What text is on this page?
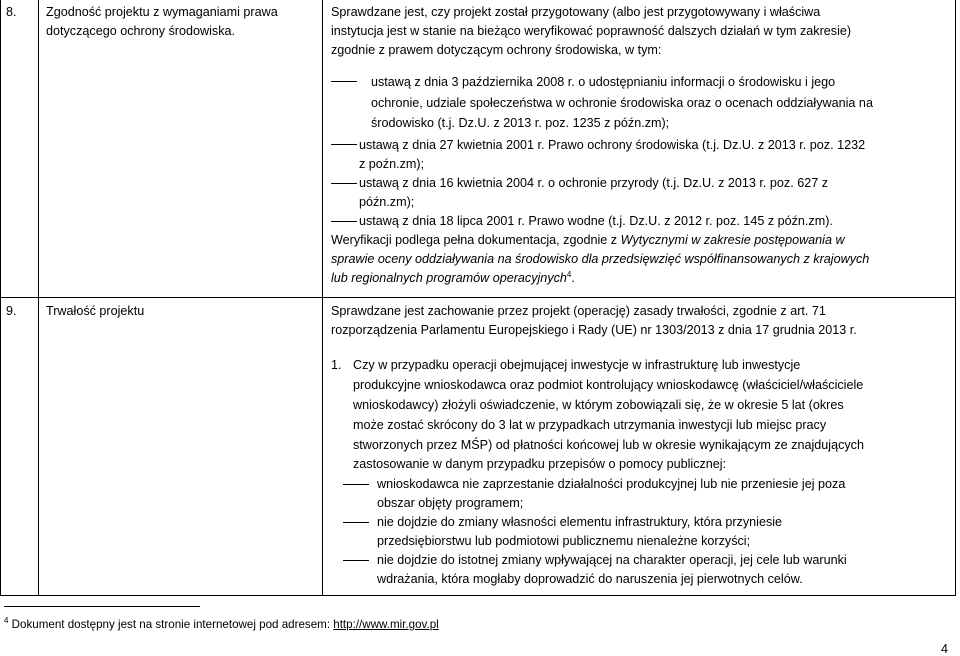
8. Zgodność projektu z wymaganiami prawa
dotyczącego ochrony środowiska.
Sprawdzane jest, czy projekt został przygotowany (albo jest przygotowywany i właściwa
instytucja jest w stanie na bieżąco weryfikować poprawność dalszych działań w tym zakresie)
zgodnie z prawem dotyczącym ochrony środowiska, w tym:
ustawą z dnia 3 października 2008 r. o udostępnianiu informacji o środowisku i jego
ochronie, udziale społeczeństwa w ochronie środowiska oraz o ocenach oddziaływania na
środowisko (t.j. Dz.U. z 2013 r. poz. 1235 z późn.zm);
ustawą z dnia 27 kwietnia 2001 r. Prawo ochrony środowiska (t.j. Dz.U. z 2013 r. poz. 1232
z poźn.zm);
ustawą z dnia 16 kwietnia 2004 r. o ochronie przyrody (t.j. Dz.U. z 2013 r. poz. 627 z
późn.zm);
ustawą z dnia 18 lipca 2001 r. Prawo wodne (t.j. Dz.U. z 2012 r. poz. 145 z późn.zm).
Weryfikacji podlega pełna dokumentacja, zgodnie z Wytycznymi w zakresie postępowania w
sprawie oceny oddziaływania na środowisko dla przedsięwzięć współfinansowanych z krajowych
lub regionalnych programów operacyjnych$^4$.
9. Trwałość projektu	Sprawdzane jest zachowanie przez projekt (operację) zasady trwałości, zgodnie z art. 71
rozporządzenia Parlamentu Europejskiego i Rady (UE) nr 1303/2013 z dnia 17 grudnia 2013 r.
1. Czy w przypadku operacji obejmującej inwestycje w infrastrukturę lub inwestycje
produkcyjne wnioskodawca oraz podmiot kontrolujący wnioskodawcę (właściciel/właściciele
wnioskodawcy) złożyli oświadczenie, w którym zobowiązali się, że w okresie 5 lat (okres
może zostać skrócony do 3 lat w przypadkach utrzymania inwestycji lub miejsc pracy
stworzonych przez MŚP) od płatności końcowej lub w okresie wynikającym ze znajdujących
zastosowanie w danym przypadku przepisów o pomocy publicznej:
wnioskodawca nie zaprzestanie działalności produkcyjnej lub nie przeniesie jej poza
obszar objęty programem;
nie dojdzie do zmiany własności elementu infrastruktury, która przyniesie
przedsiębiorstwu lub podmiotowi publicznemu nienależne korzyści;
nie dojdzie do istotnej zmiany wpływającej na charakter operacji, jej cele lub warunki
wdrażania, która mogłaby doprowadzić do naruszenia jej pierwotnych celów.
$^4$ Dokument dostępny jest na stronie internetowej pod adresem: http://www.mir.gov.pl
4
